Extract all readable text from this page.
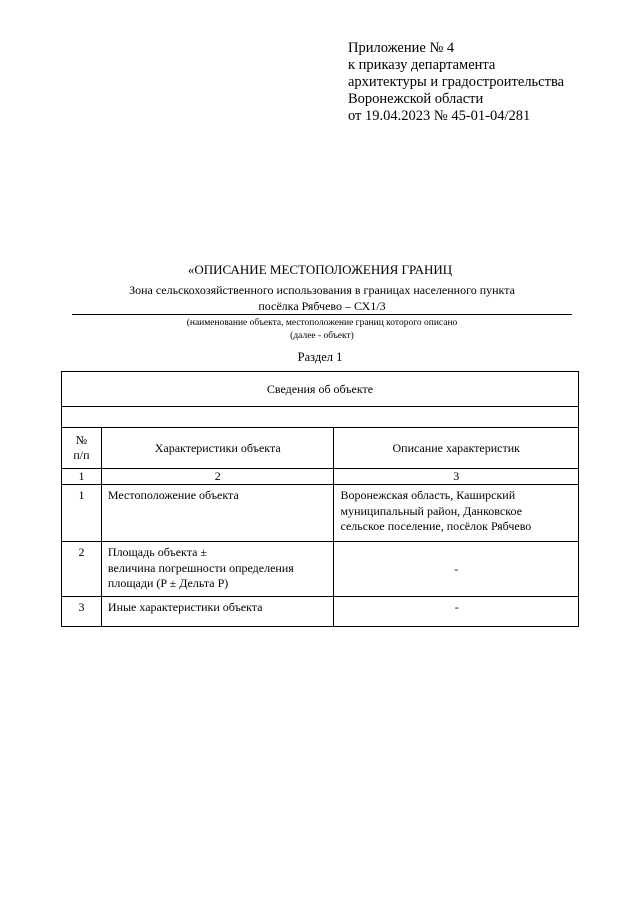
Приложение № 4
к приказу департамента
архитектуры и градостроительства
Воронежской области
от 19.04.2023 № 45-01-04/281
«ОПИСАНИЕ МЕСТОПОЛОЖЕНИЯ ГРАНИЦ
Зона сельскохозяйственного использования в границах населенного пункта
посёлка Рябчево – СХ1/3
(наименование объекта, местоположение границ которого описано
(далее - объект)
Раздел 1
Сведения об объекте		

№
п/п	Характеристики объекта	Описание характеристик
1	2	3
1	Местоположение объекта	Воронежская область, Каширский
муниципальный район, Данковское
сельское поселение, посёлок Рябчево

2	Площадь объекта ±
величина погрешности определения
площади (P ± Дельта P)	-
3	Иные характеристики объекта	-
